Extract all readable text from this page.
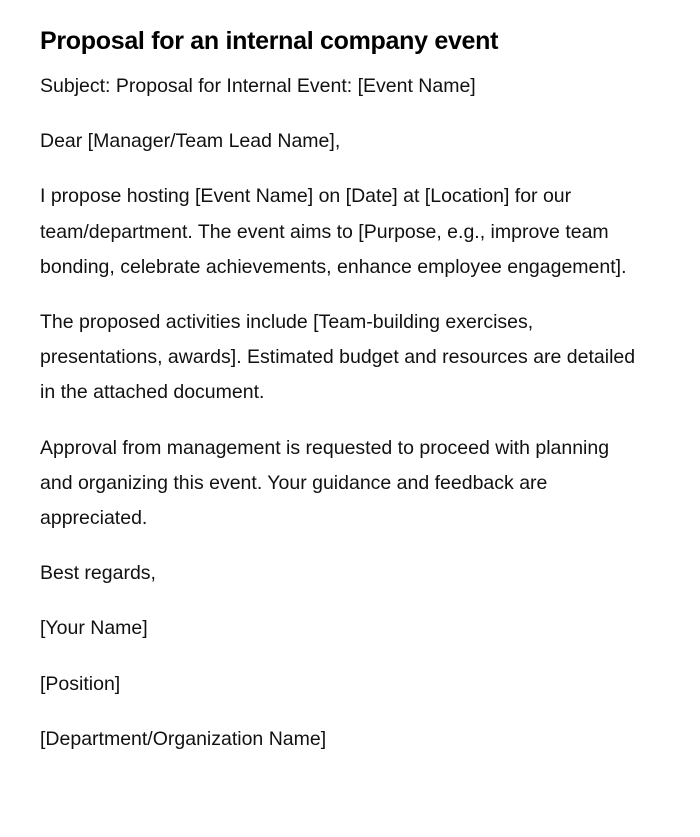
Proposal for an internal company event

Subject: Proposal for Internal Event: [Event Name]

Dear [Manager/Team Lead Name],

I propose hosting [Event Name] on [Date] at [Location] for our team/department. The event aims to [Purpose, e.g., improve team bonding, celebrate achievements, enhance employee engagement].

The proposed activities include [Team-building exercises, presentations, awards]. Estimated budget and resources are detailed in the attached document.

Approval from management is requested to proceed with planning and organizing this event. Your guidance and feedback are appreciated.

Best regards,

[Your Name]

[Position]

[Department/Organization Name]
